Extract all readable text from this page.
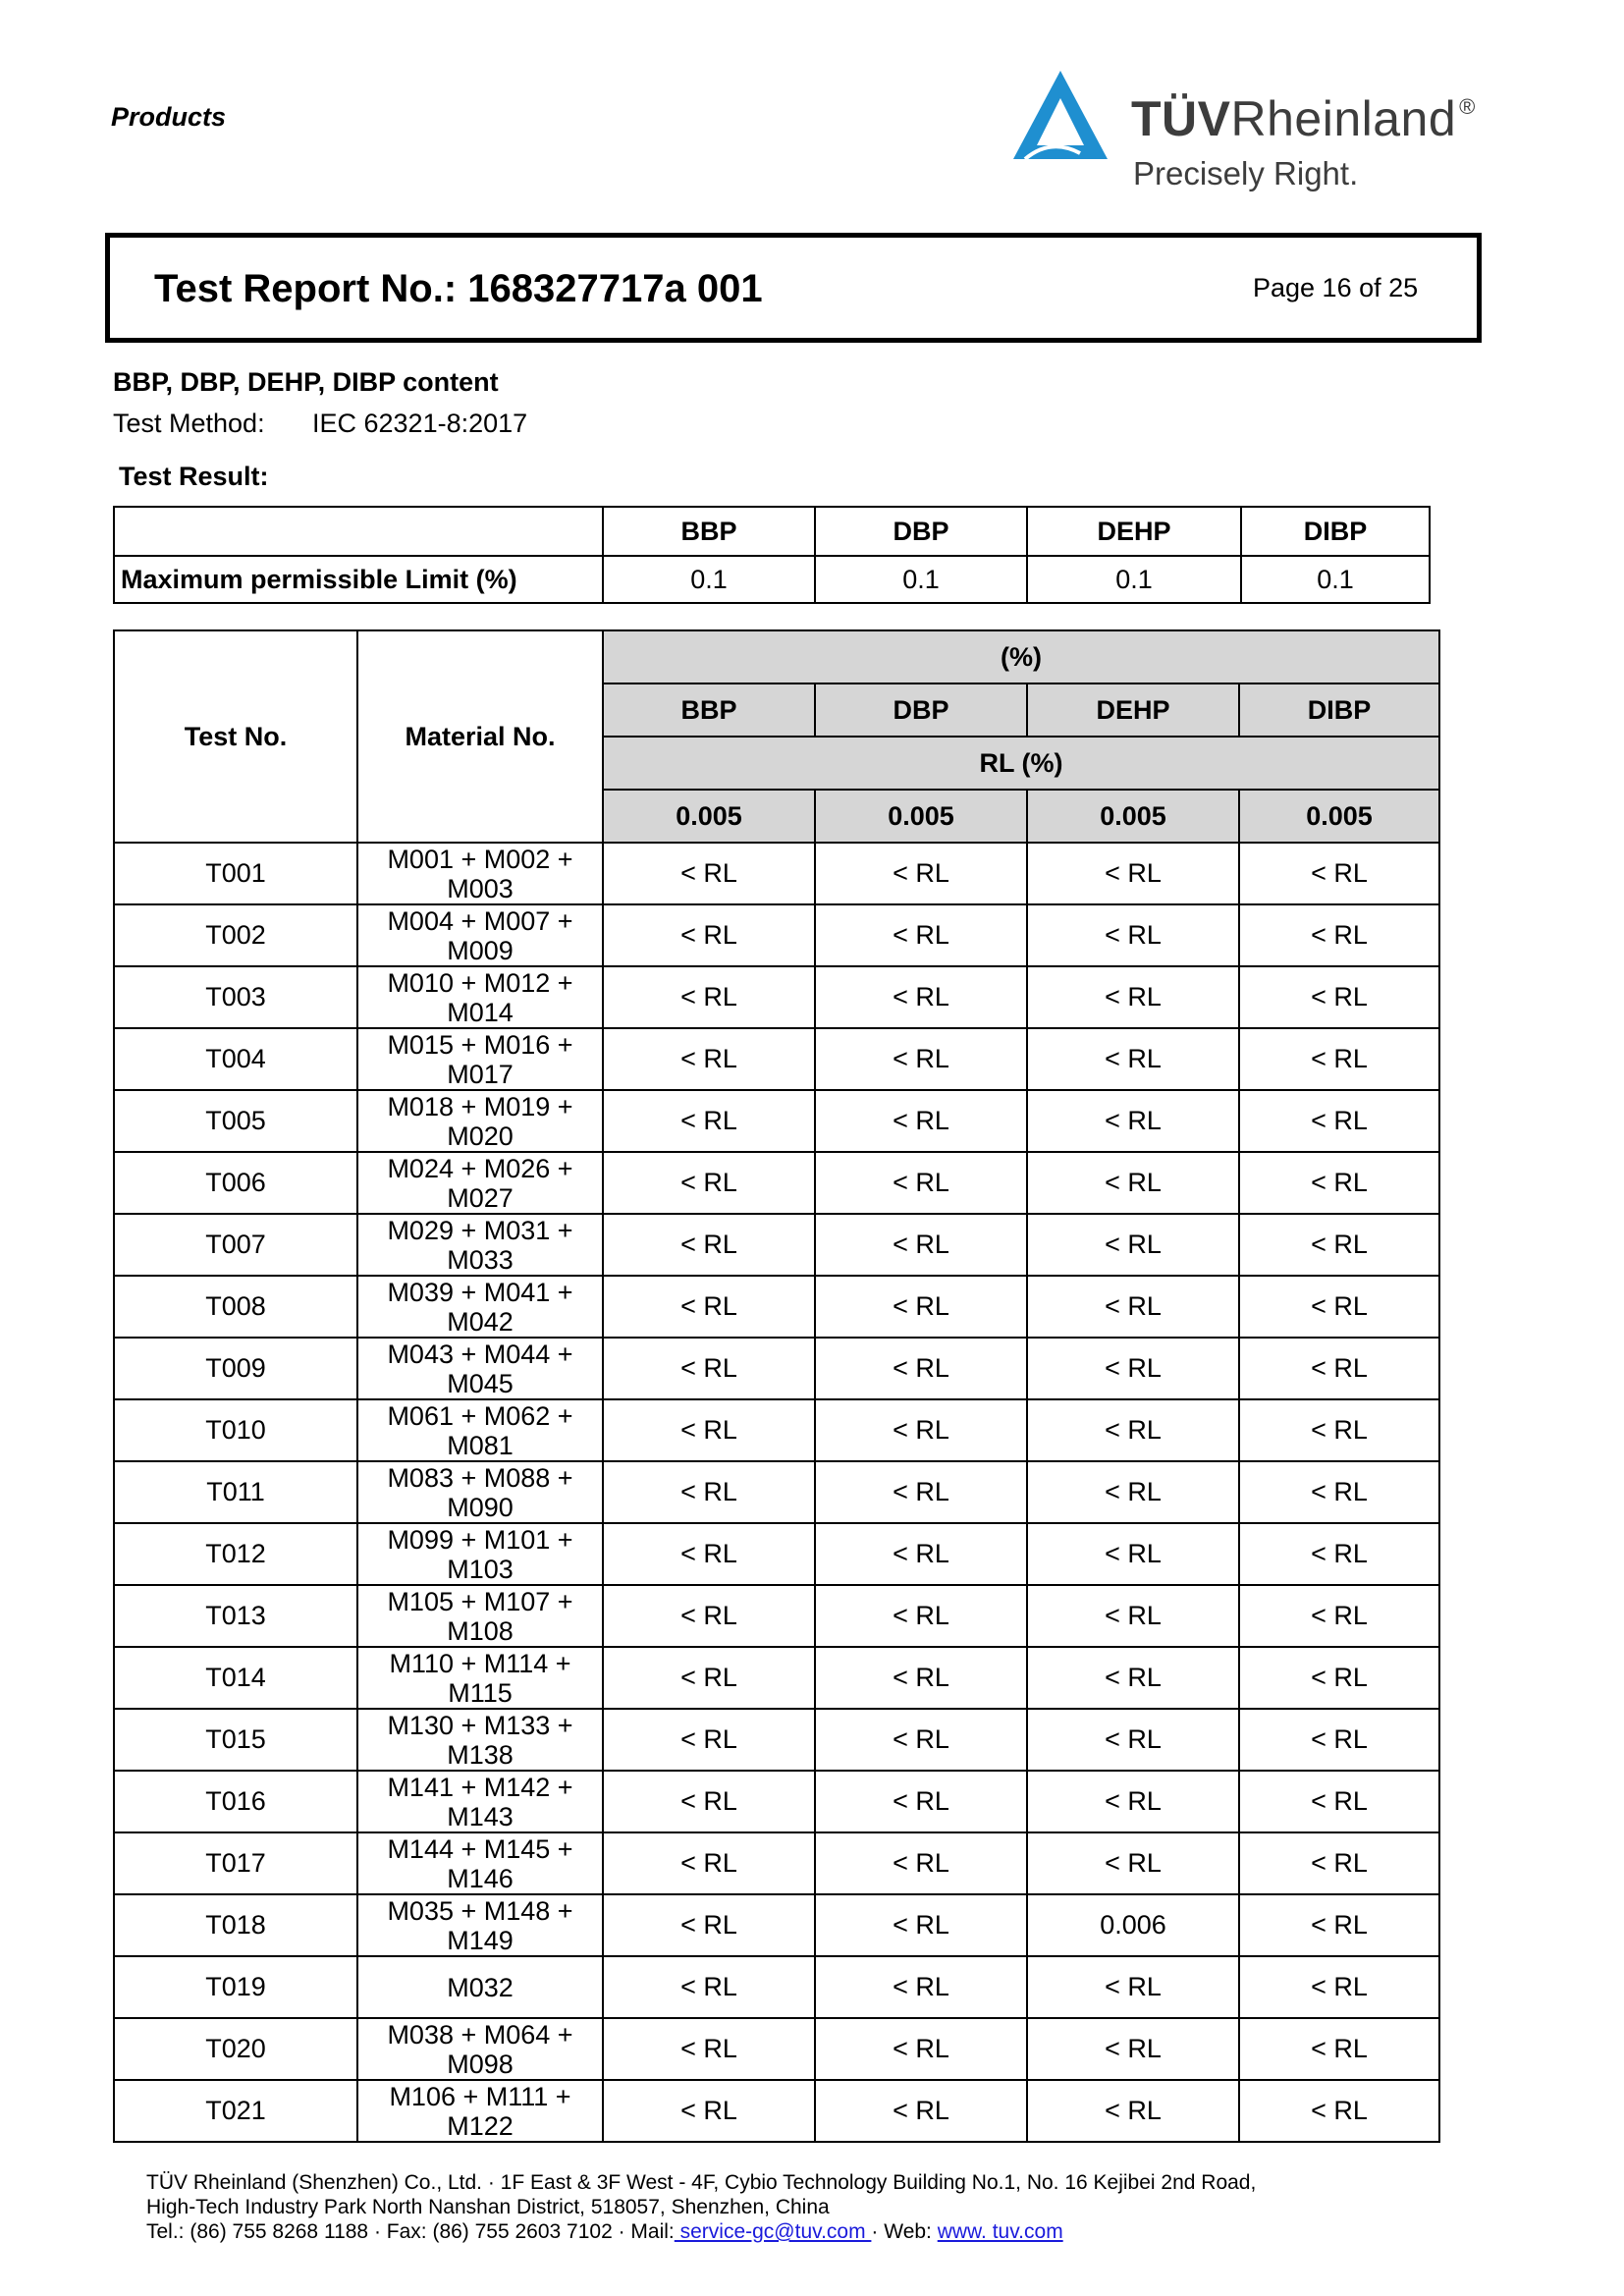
Products	TÜVRheinland ®
Precisely Right.
Test Report No.: 168327717a 001	Page 16 of 25
BBP, DBP, DEHP, DIBP content
Test Method: IEC 62321-8:2017
Test Result:
	BBP	DBP	DEHP	DIBP
Maximum permissible Limit (%)	0.1	0.1	0.1	0.1
Test No.	Material No.	(%)			
		BBP	DBP	DEHP	DIBP
		RL (%)			
		0.005	0.005	0.005	0.005
T001	M001 + M002 +
M003	< RL	< RL	< RL	< RL
T002	M004 + M007 +
M009	< RL	< RL	< RL	< RL
T003	M010 + M012 +
M014	< RL	< RL	< RL	< RL
T004	M015 + M016 +
M017	< RL	< RL	< RL	< RL
T005	M018 + M019 +
M020	< RL	< RL	< RL	< RL
T006	M024 + M026 +
M027	< RL	< RL	< RL	< RL
T007	M029 + M031 +
M033	< RL	< RL	< RL	< RL
T008	M039 + M041 +
M042	< RL	< RL	< RL	< RL
T009	M043 + M044 +
M045	< RL	< RL	< RL	< RL
T010	M061 + M062 +
M081	< RL	< RL	< RL	< RL
T011	M083 + M088 +
M090	< RL	< RL	< RL	< RL
T012	M099 + M101 +
M103	< RL	< RL	< RL	< RL
T013	M105 + M107 +
M108	< RL	< RL	< RL	< RL
T014	M110 + M114 +
M115	< RL	< RL	< RL	< RL
T015	M130 + M133 +
M138	< RL	< RL	< RL	< RL
T016	M141 + M142 +
M143	< RL	< RL	< RL	< RL
T017	M144 + M145 +
M146	< RL	< RL	< RL	< RL
T018	M035 + M148 +
M149	< RL	< RL	0.006	< RL
T019	M032	< RL	< RL	< RL	< RL
T020	M038 + M064 +
M098	< RL	< RL	< RL	< RL
T021	M106 + M111 +
M122	< RL	< RL	< RL	< RL
TÜV Rheinland (Shenzhen) Co., Ltd. · 1F East & 3F West - 4F, Cybio Technology Building No.1, No. 16 Kejibei 2nd Road,
High-Tech Industry Park North Nanshan District, 518057, Shenzhen, China
Tel.: (86) 755 8268 1188 · Fax: (86) 755 2603 7102 · Mail: service-gc@tuv.com · Web: www. tuv.com
